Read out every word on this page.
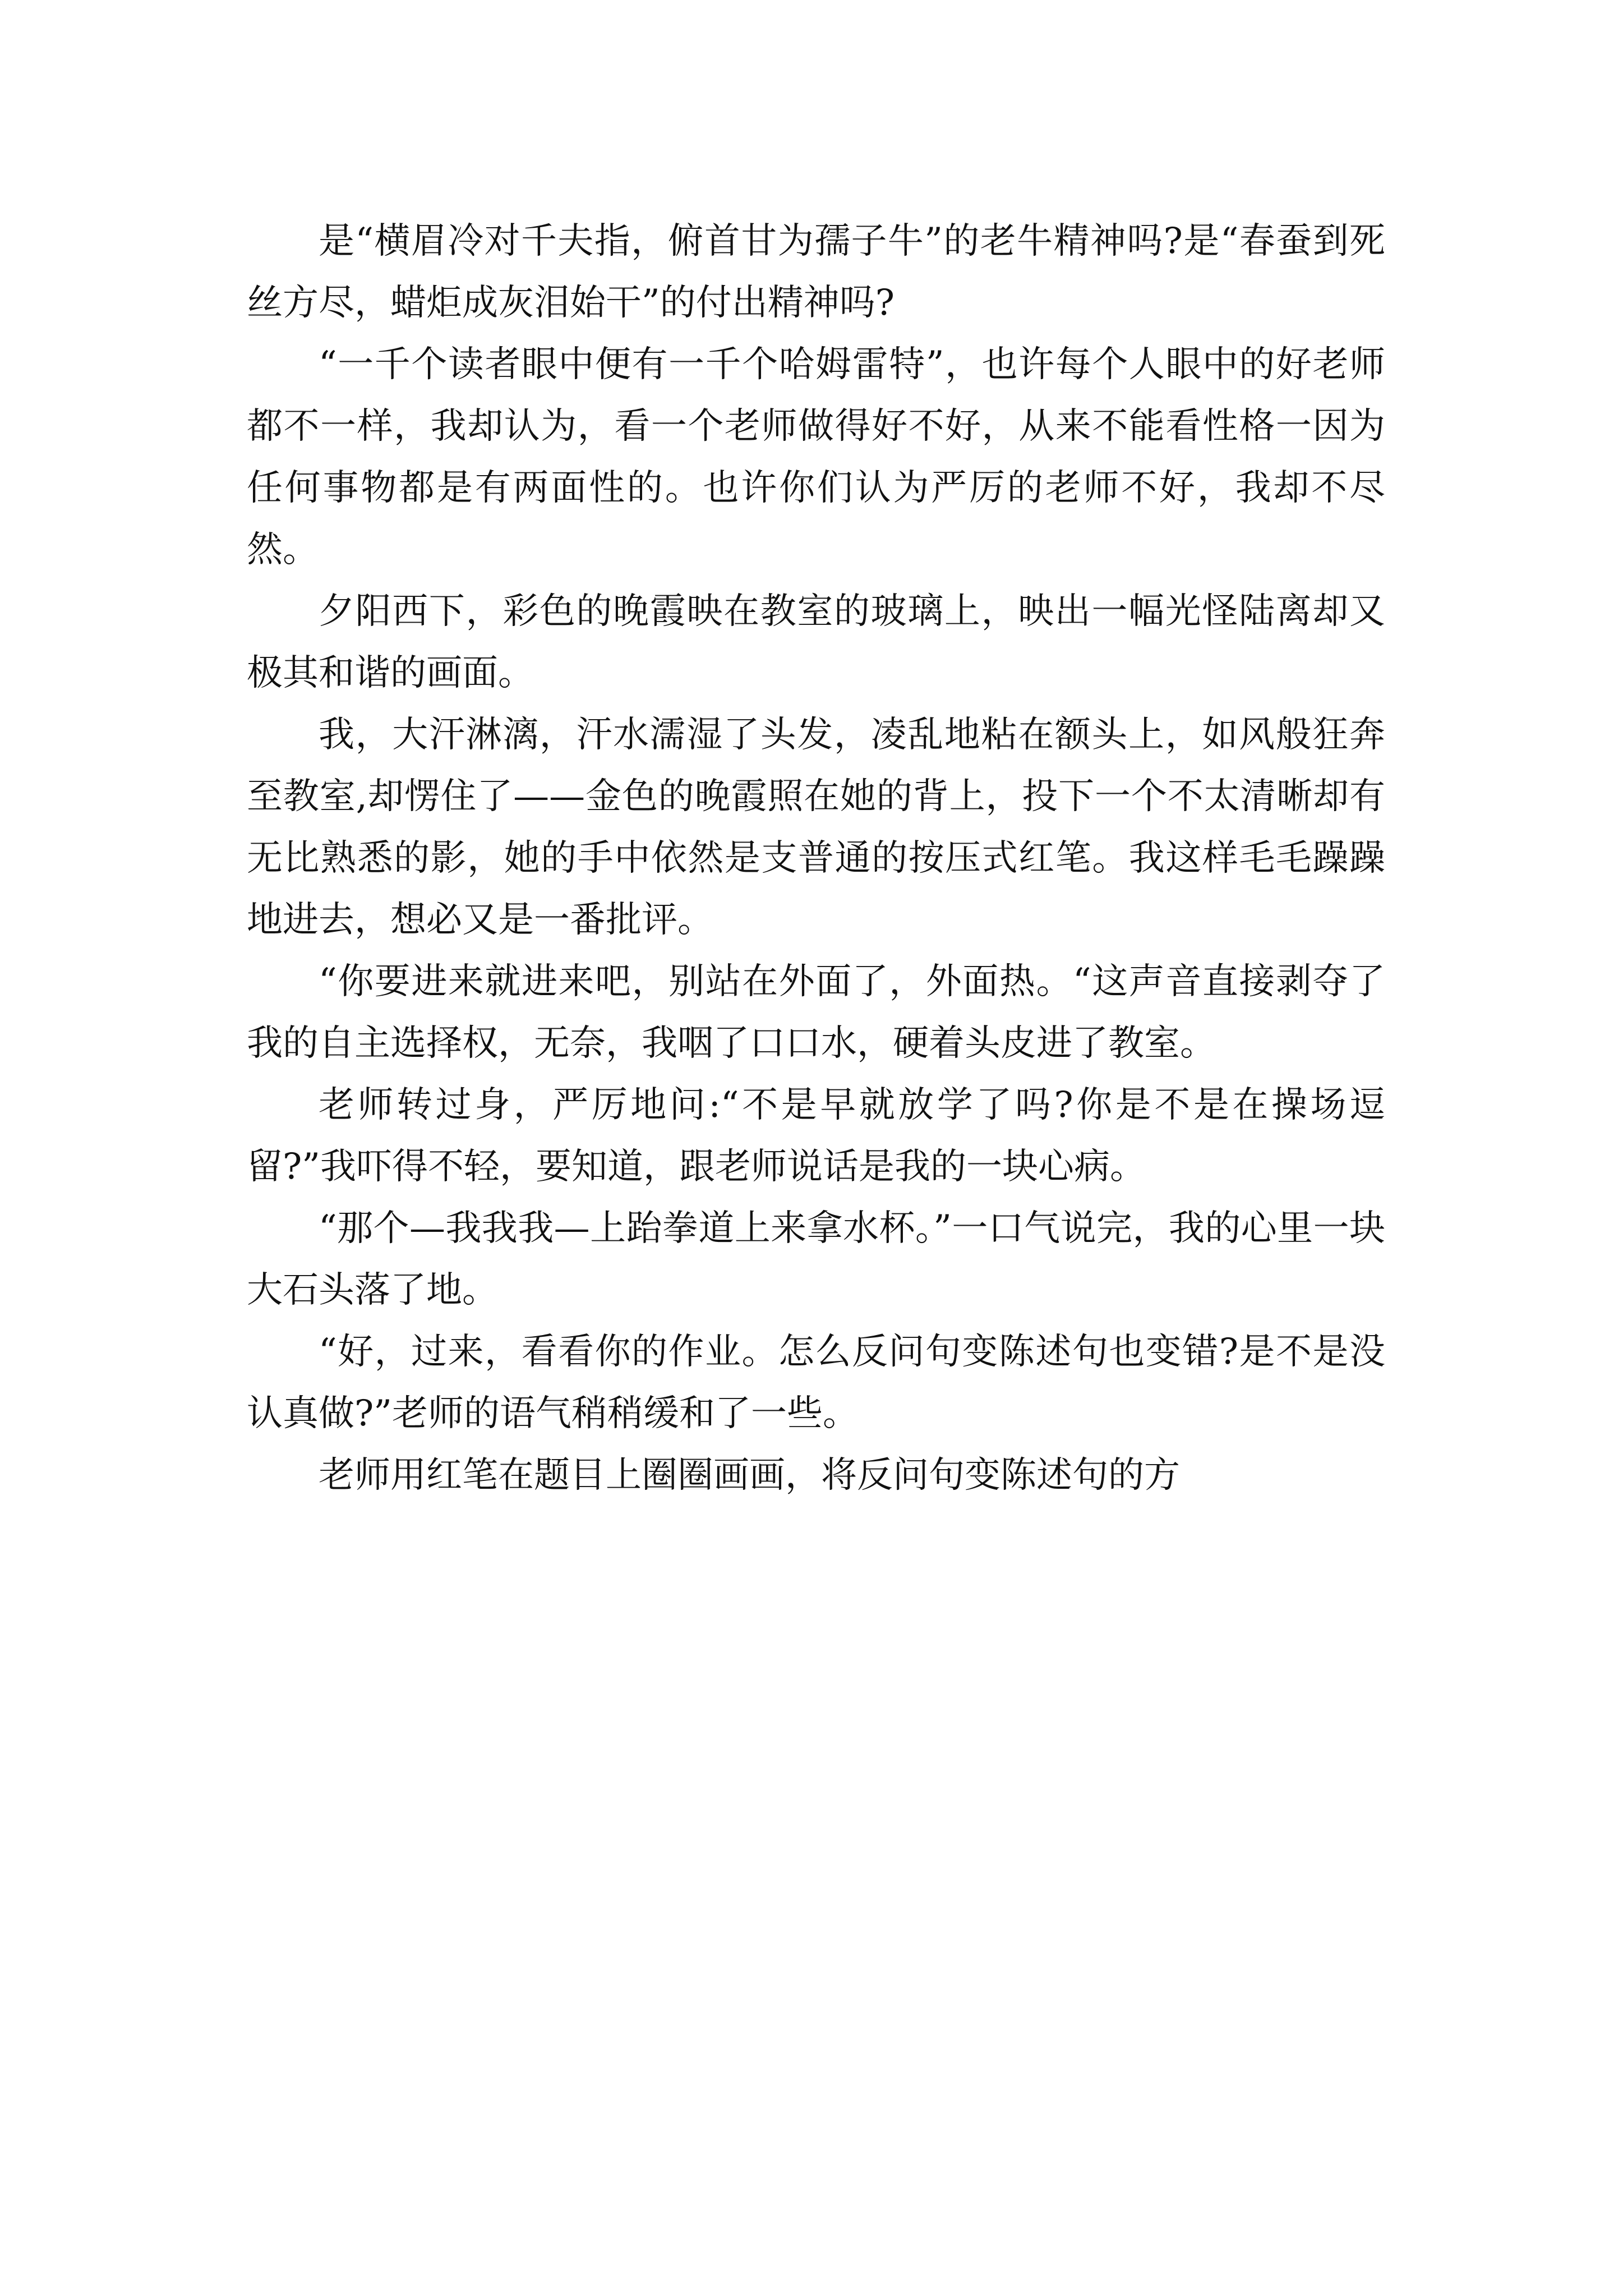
是“横眉冷对千夫指，俯首甘为孺子牛”的老牛精神吗?是“春蚕到死丝方尽，蜡炬成灰泪始干”的付出精神吗?

“一千个读者眼中便有一千个哈姆雷特”，也许每个人眼中的好老师都不一样，我却认为，看一个老师做得好不好，从来不能看性格一因为任何事物都是有两面性的。也许你们认为严厉的老师不好，我却不尽然。

夕阳西下，彩色的晚霞映在教室的玻璃上，映出一幅光怪陆离却又极其和谐的画面。

我，大汗淋漓，汗水濡湿了头发，凌乱地粘在额头上，如风般狂奔至教室,却愣住了——金色的晚霞照在她的背上，投下一个不太清晰却有无比熟悉的影，她的手中依然是支普通的按压式红笔。我这样毛毛躁躁地进去，想必又是一番批评。

“你要进来就进来吧，别站在外面了，外面热。“这声音直接剥夺了我的自主选择权，无奈，我咽了口口水，硬着头皮进了教室。

老师转过身，严厉地问:“不是早就放学了吗?你是不是在操场逗留?”我吓得不轻，要知道，跟老师说话是我的一块心病。

“那个—我我我—上跆拳道上来拿水杯。”一口气说完，我的心里一块大石头落了地。

“好，过来，看看你的作业。怎么反问句变陈述句也变错?是不是没认真做?”老师的语气稍稍缓和了一些。

老师用红笔在题目上圈圈画画，将反问句变陈述句的方
